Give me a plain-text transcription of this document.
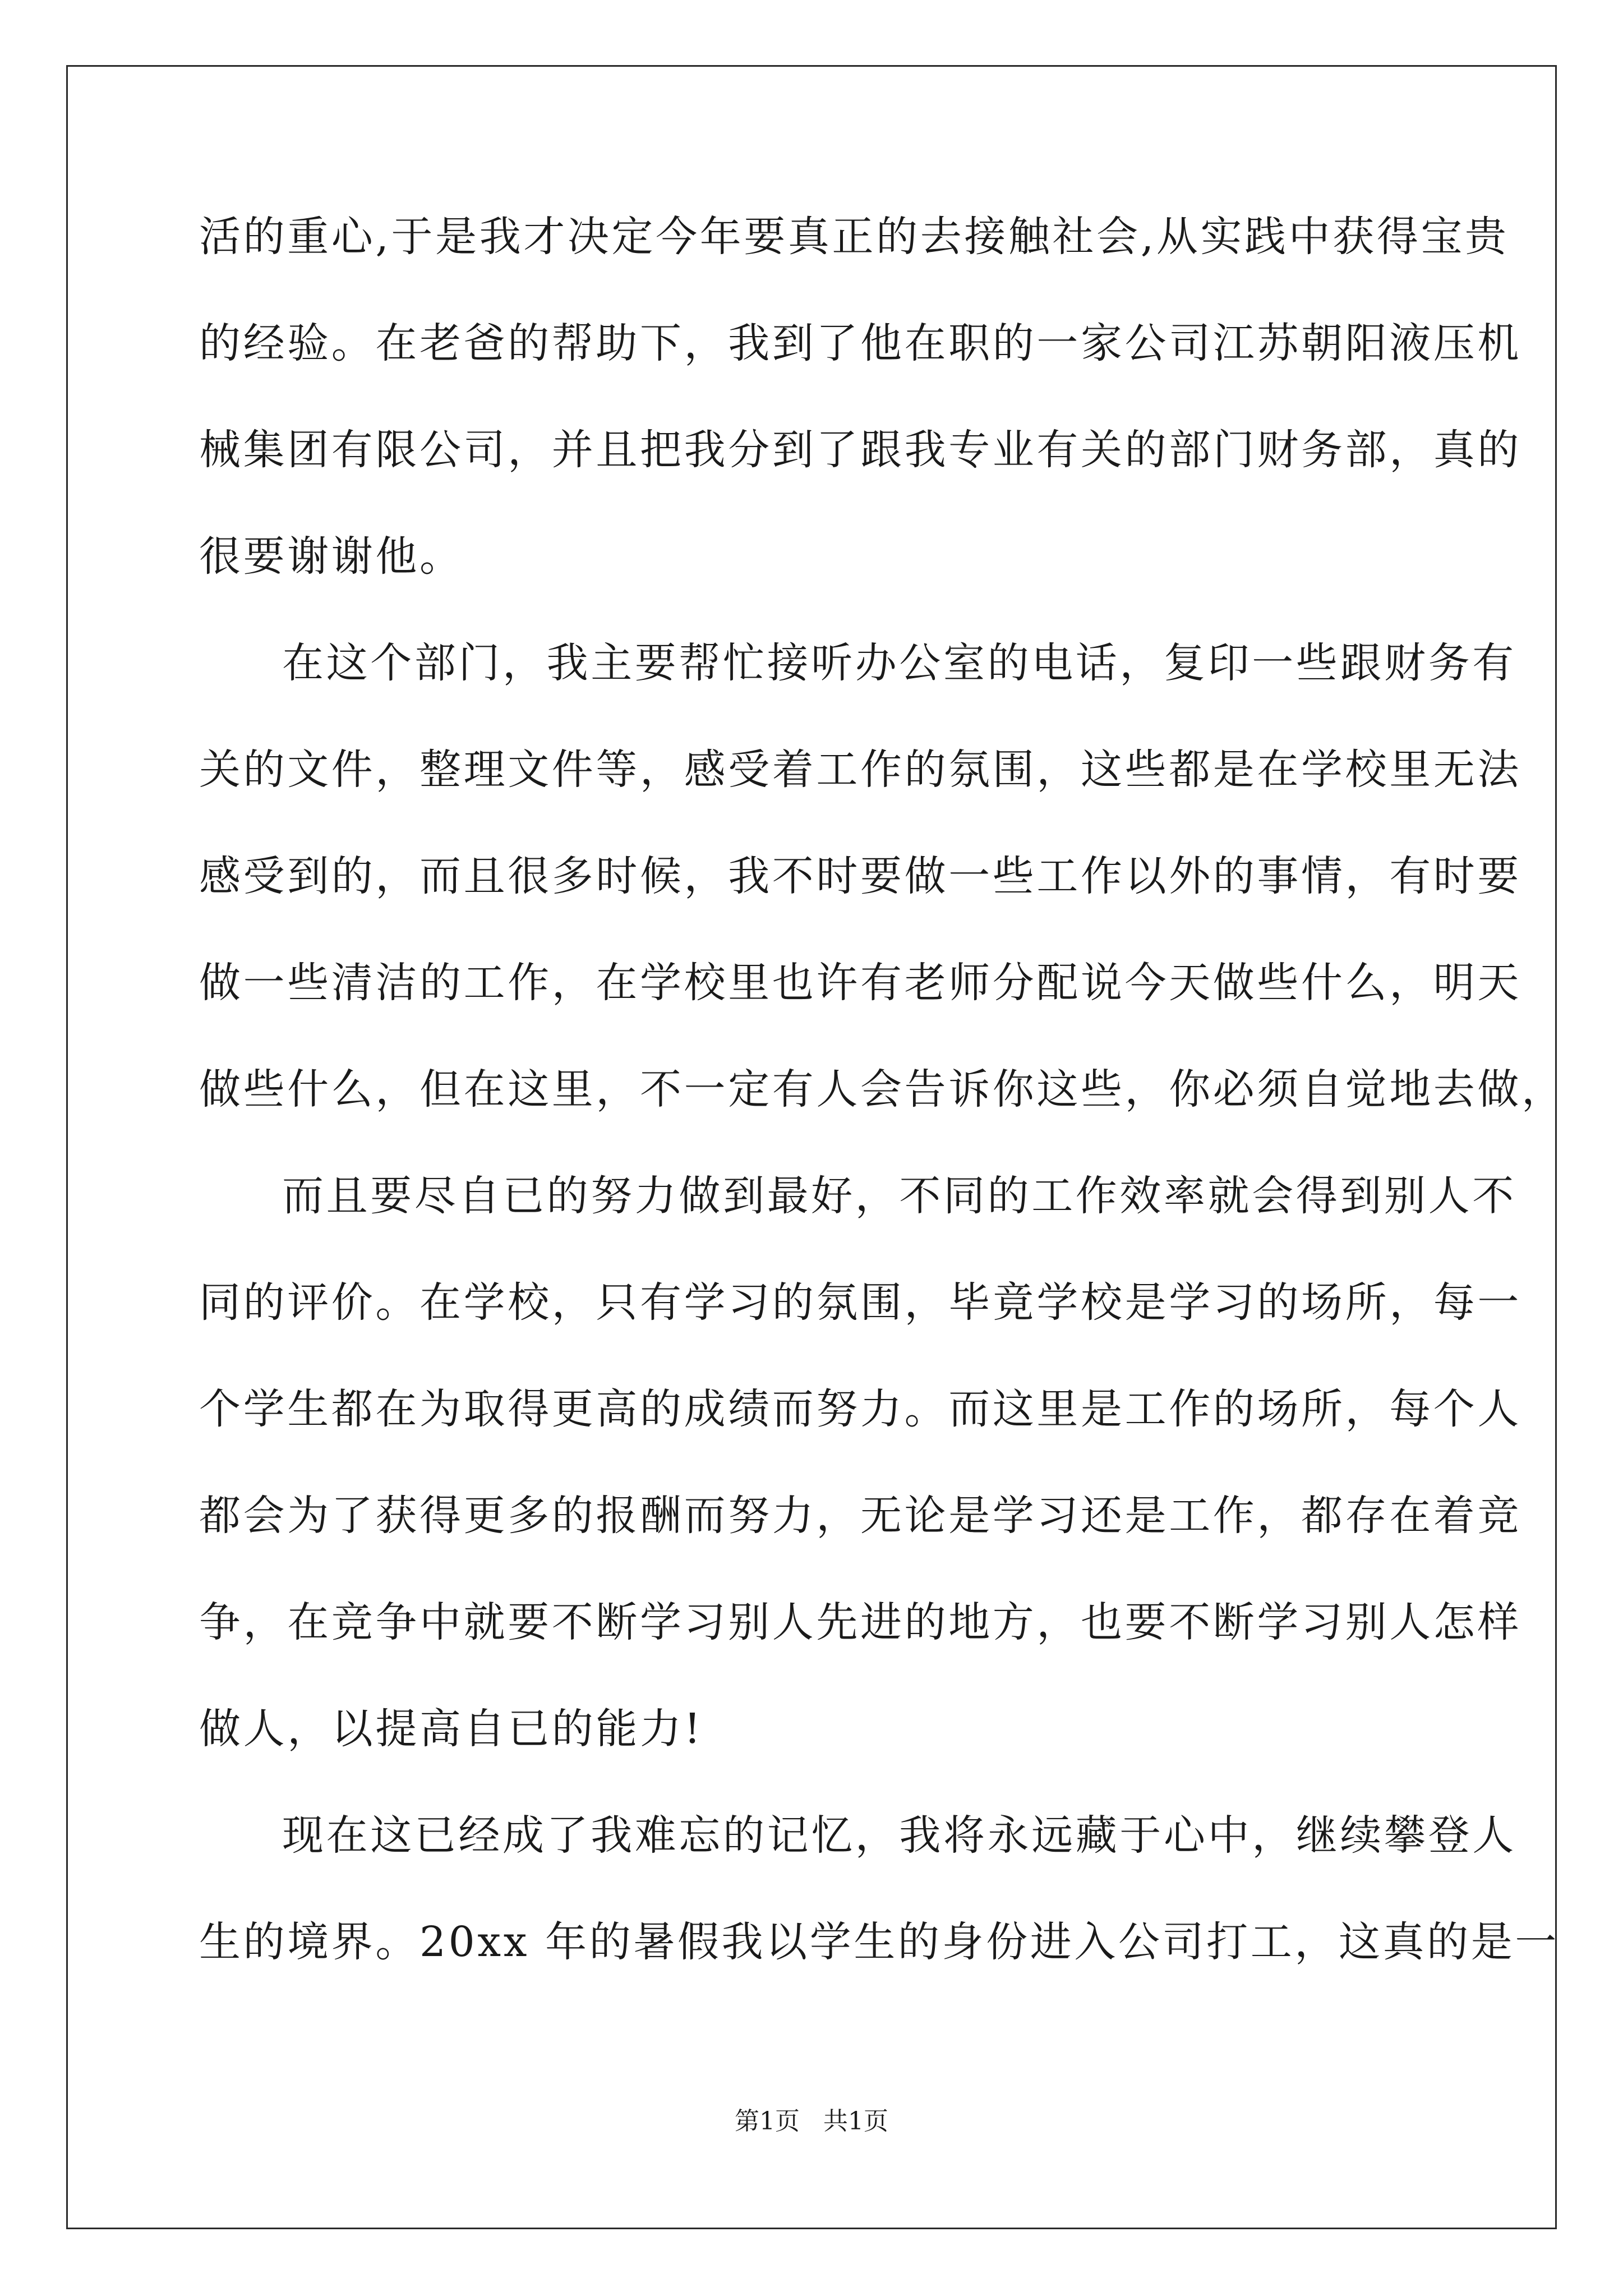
活的重心,于是我才决定今年要真正的去接触社会,从实践中获得宝贵
的经验。在老爸的帮助下，我到了他在职的一家公司江苏朝阳液压机
械集团有限公司，并且把我分到了跟我专业有关的部门财务部，真的
很要谢谢他。
在这个部门，我主要帮忙接听办公室的电话，复印一些跟财务有
关的文件，整理文件等，感受着工作的氛围，这些都是在学校里无法
感受到的，而且很多时候，我不时要做一些工作以外的事情，有时要
做一些清洁的工作，在学校里也许有老师分配说今天做些什么，明天
做些什么，但在这里，不一定有人会告诉你这些，你必须自觉地去做，
而且要尽自已的努力做到最好，不同的工作效率就会得到别人不
同的评价。在学校，只有学习的氛围，毕竟学校是学习的场所，每一
个学生都在为取得更高的成绩而努力。而这里是工作的场所，每个人
都会为了获得更多的报酬而努力，无论是学习还是工作，都存在着竞
争，在竞争中就要不断学习别人先进的地方，也要不断学习别人怎样
做人，以提高自已的能力!
现在这已经成了我难忘的记忆，我将永远藏于心中，继续攀登人
生的境界。20xx 年的暑假我以学生的身份进入公司打工，这真的是一
第1页   共1页
